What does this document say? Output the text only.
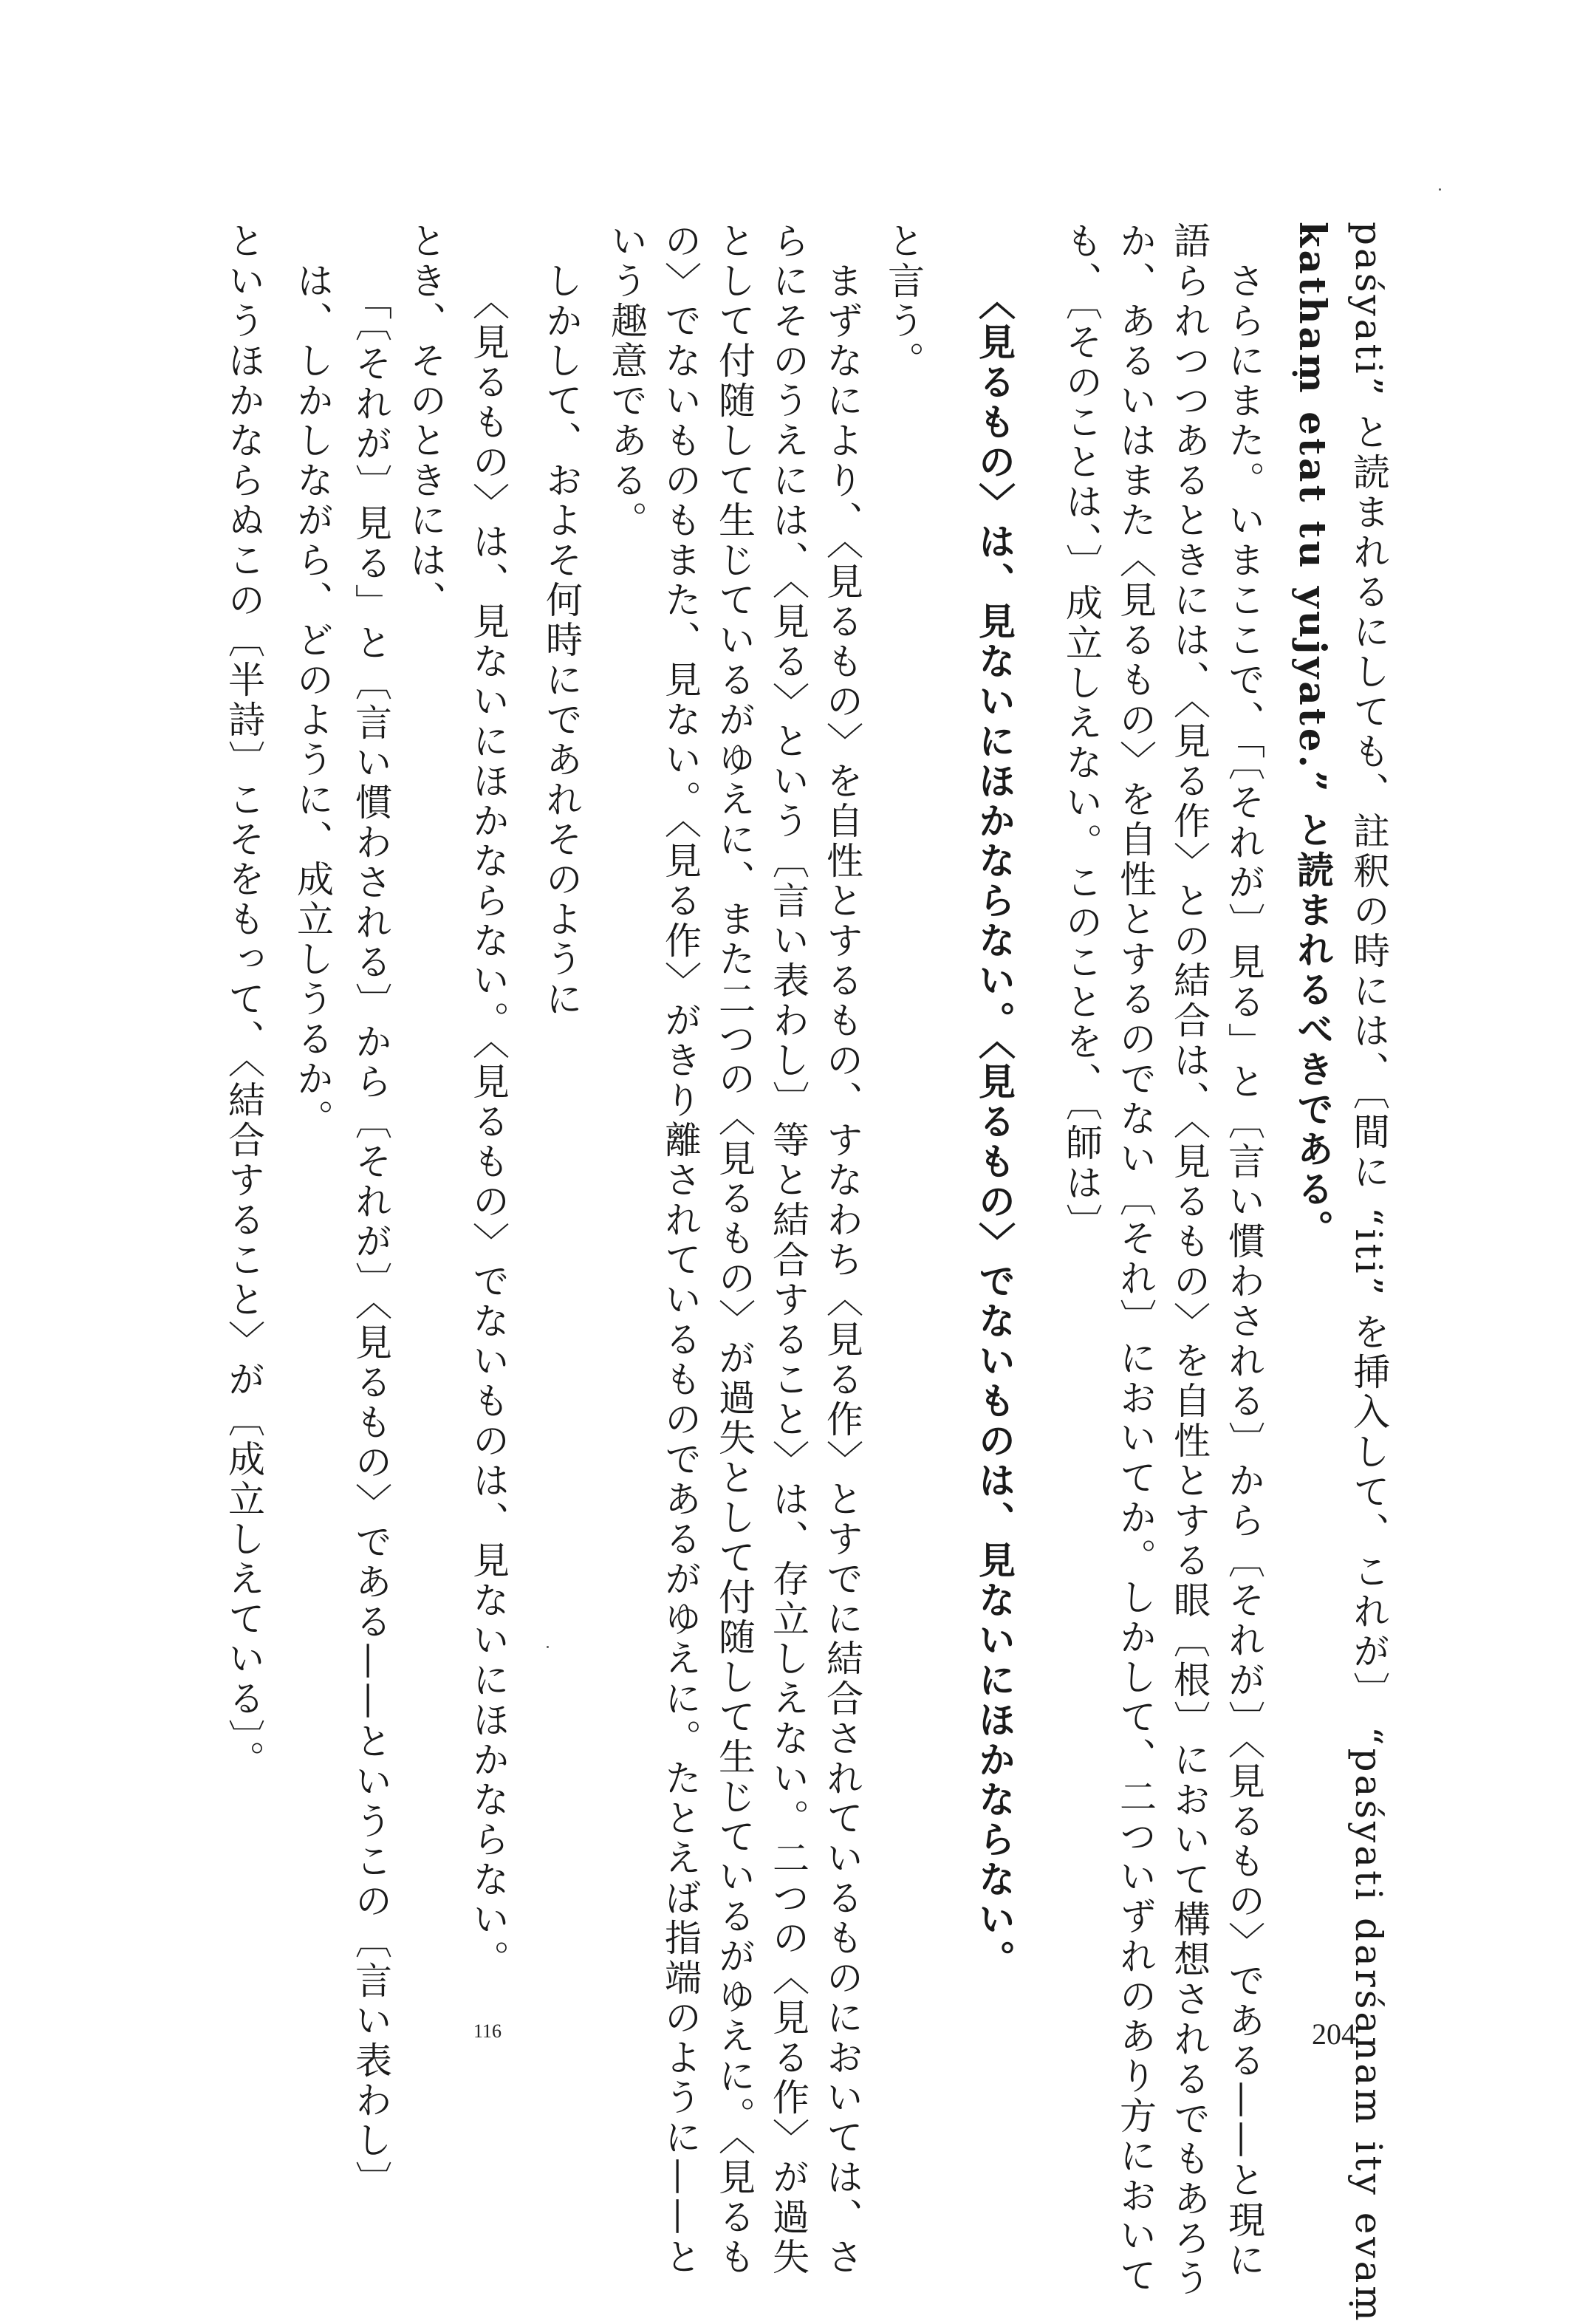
paśyati” と読まれるにしても、註釈の時には、〔間に “iti” を挿入して、これが〕 “paśyati darśanam ity evaṃ
kathaṃ etat tu yujyate.” と読まれるべきである。
　さらにまた。いまここで、「〔それが〕見る」と〔言い慣わされる〕から〔それが〕〈見るもの〉である——と現に
語られつつあるときには、〈見る作〉との結合は、〈見るもの〉を自性とする眼〔根〕において構想されるでもあろう
か、あるいはまた〈見るもの〉を自性とするのでない〔それ〕においてか。しかして、二ついずれのあり方において
も、〔そのことは、〕成立しえない。このことを、〔師は〕
　　〈見るもの〉は、見ないにほかならない。〈見るもの〉でないものは、見ないにほかならない。
と言う。
　まずなにより、〈見るもの〉を自性とするもの、すなわち〈見る作〉とすでに結合されているものにおいては、さ
らにそのうえには、〈見る〉という〔言い表わし〕等と結合すること〉は、存立しえない。二つの〈見る作〉が過失
として付随して生じているがゆえに、また二つの〈見るもの〉が過失として付随して生じているがゆえに。〈見るも
の〉でないものもまた、見ない。〈見る作〉がきり離されているものであるがゆえに。たとえば指端のように——と
いう趣意である。
　しかして、およそ何時にであれそのように
　　〈見るもの〉は、見ないにほかならない。〈見るもの〉でないものは、見ないにほかならない。
とき、そのときには、
　　「〔それが〕見る」と〔言い慣わされる〕から〔それが〕〈見るもの〉である——というこの〔言い表わし〕
　は、しかしながら、どのように、成立しうるか。
というほかならぬこの〔半詩〕こそをもって、〈結合すること〉が〔成立しえている〕。
204
116
